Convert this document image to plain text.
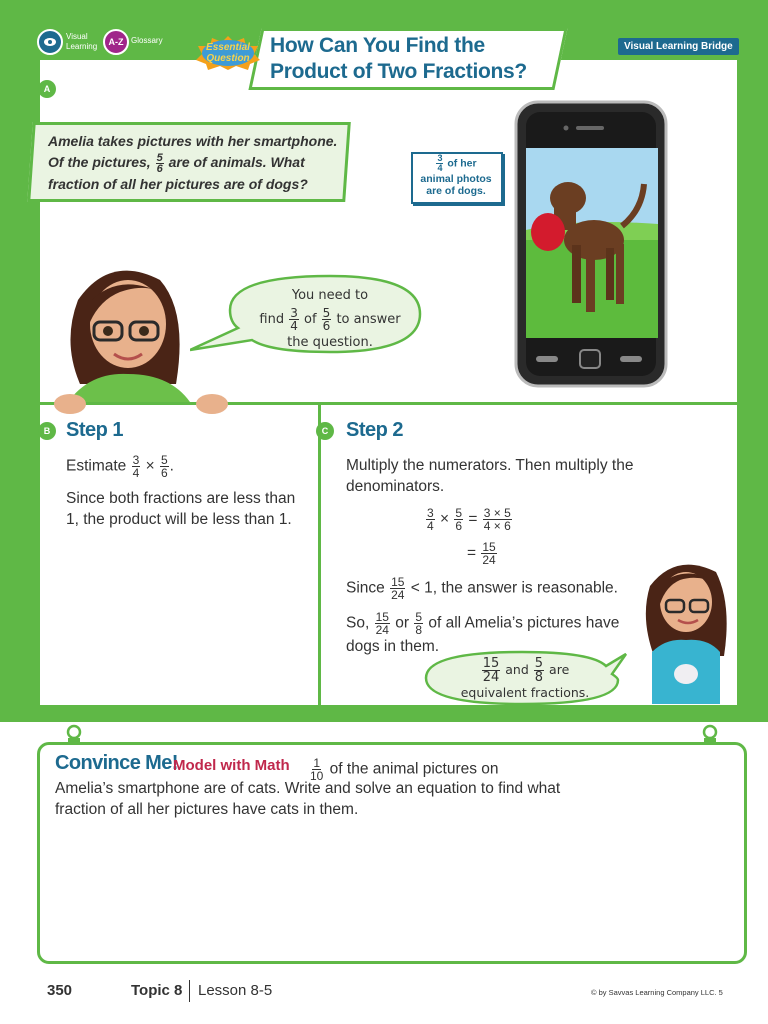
Visual Learning	A-Z Glossary
Essential Question
How Can You Find the Product of Two Fractions?
Visual Learning Bridge
A
Amelia takes pictures with her smartphone.
Of the pictures, $\frac{5}{6}$ are of animals. What
fraction of all her pictures are of dogs?
$\frac{3}{4}$ of her
animal photos
are of dogs.
You need to
find $\frac{3}{4}$ of $\frac{5}{6}$ to answer
the question.
B Step 1
Estimate $\frac{3}{4} \times \frac{5}{6}$ .
Since both fractions are less than 1, the product will be less than 1.
C Step 2
Multiply the numerators. Then multiply the denominators.
$\frac{3}{4} \times \frac{5}{6} = \frac{3 \times 5}{4 \times 6}$
= $\frac{15}{24}$
Since $\frac{15}{24} < 1$, the answer is reasonable.
So, $\frac{15}{24}$ or $\frac{5}{8}$ of all Amelia’s pictures have dogs in them.
$\frac{15}{24}$ and $\frac{5}{8}$ are
equivalent fractions.
Convince Me!
Model with Math $\frac{1}{10}$ of the animal pictures on
Amelia’s smartphone are of cats. Write and solve an equation to find what fraction of all her pictures have cats in them.
350	Topic 8 Lesson 8-5	© by Savvas Learning Company LLC. 5
